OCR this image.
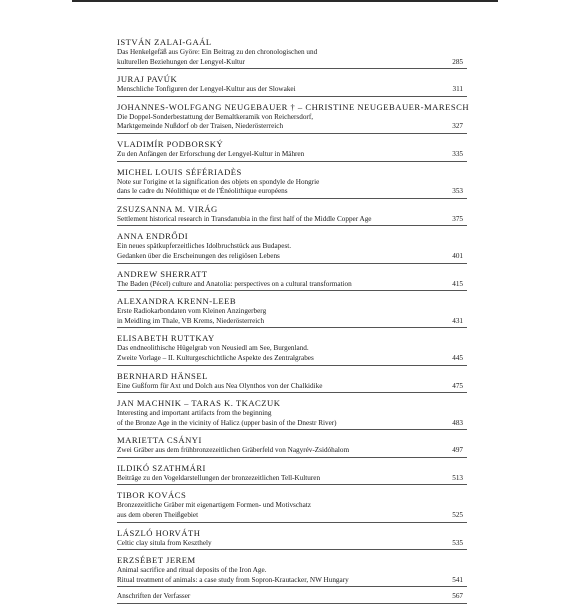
ISTVÁN ZALAI-GAÁL
Das Henkelgefäß aus Györe: Ein Beitrag zu den chronologischen und
kulturellen Beziehungen der Lengyel-Kultur	285
JURAJ PAVÚK
Menschliche Tonfiguren der Lengyel-Kultur aus der Slowakei	311
JOHANNES-WOLFGANG NEUGEBAUER † – CHRISTINE NEUGEBAUER-MARESCH
Die Doppel-Sonderbestattung der Bemaltkeramik von Reichersdorf,
Marktgemeinde Nußdorf ob der Traisen, Niederösterreich	327
VLADIMÍR PODBORSKÝ
Zu den Anfängen der Erforschung der Lengyel-Kultur in Mähren	335
MICHEL LOUIS SÉFÉRIADÈS
Note sur l'origine et la signification des objets en spondyle de Hongrie
dans le cadre du Néolithique et de l'Énéolithique européens	353
ZSUZSANNA M. VIRÁG
Settlement historical research in Transdanubia in the first half of the Middle Copper Age	375
ANNA ENDRŐDI
Ein neues spätkupferzeitliches Idolbruchstück aus Budapest.
Gedanken über die Erscheinungen des religiösen Lebens	401
ANDREW SHERRATT
The Baden (Pécel) culture and Anatolia: perspectives on a cultural transformation	415
ALEXANDRA KRENN-LEEB
Erste Radiokarbondaten vom Kleinen Anzingerberg
in Meidling im Thale, VB Krems, Niederösterreich	431
ELISABETH RUTTKAY
Das endneolithische Hügelgrab von Neusiedl am See, Burgenland.
Zweite Vorlage – II. Kulturgeschichtliche Aspekte des Zentralgrabes	445
BERNHARD HÄNSEL
Eine Gußform für Axt und Dolch aus Nea Olynthos von der Chalkidike	475
JAN MACHNIK – TARAS K. TKACZUK
Interesting and important artifacts from the beginning
of the Bronze Age in the vicinity of Halicz (upper basin of the Dnestr River)	483
MARIETTA CSÁNYI
Zwei Gräber aus dem frühbronzezeitlichen Gräberfeld von Nagyrév-Zsidóhalom	497
ILDIKÓ SZATHMÁRI
Beiträge zu den Vogeldarstellungen der bronzezeitlichen Tell-Kulturen	513
TIBOR KOVÁCS
Bronzezeitliche Gräber mit eigenartigem Formen- und Motivschatz
aus dem oberen Theißgebiet	525
LÁSZLÓ HORVÁTH
Celtic clay situla from Keszthely	535
ERZSÉBET JEREM
Animal sacrifice and ritual deposits of the Iron Age.
Ritual treatment of animals: a case study from Sopron-Krautacker, NW Hungary	541
Anschriften der Verfasser	567
